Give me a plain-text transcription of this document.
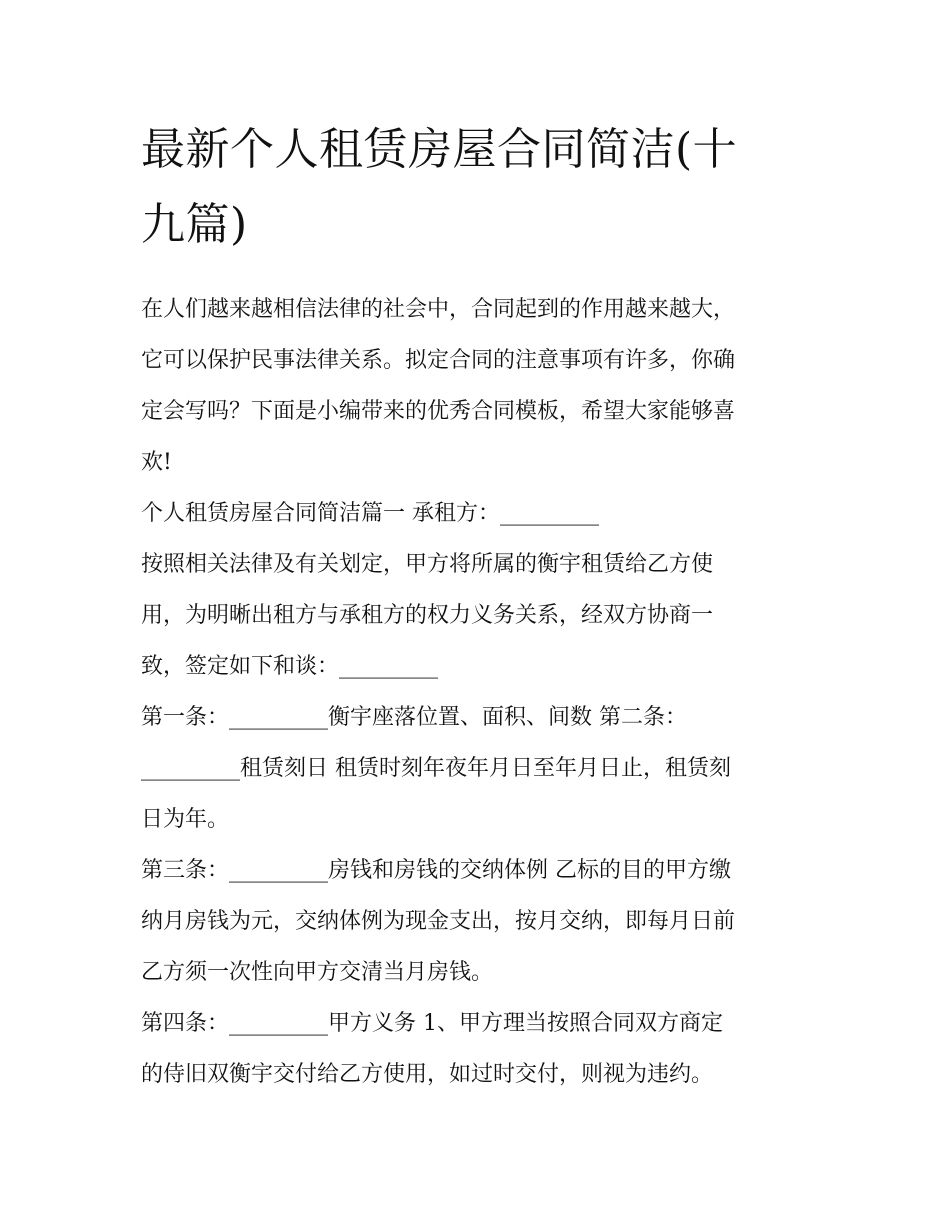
最新个人租赁房屋合同简洁(十
九篇)

在人们越来越相信法律的社会中，合同起到的作用越来越大，
它可以保护民事法律关系。拟定合同的注意事项有许多，你确
定会写吗？下面是小编带来的优秀合同模板，希望大家能够喜
欢!

个人租赁房屋合同简洁篇一 承租方：_________

按照相关法律及有关划定，甲方将所属的衡宇租赁给乙方使
用，为明晰出租方与承租方的权力义务关系，经双方协商一
致，签定如下和谈：_________

第一条：_________衡宇座落位置、面积、间数 第二条：
_________租赁刻日 租赁时刻年夜年月日至年月日止，租赁刻
日为年。

第三条：_________房钱和房钱的交纳体例 乙标的目的甲方缴
纳月房钱为元，交纳体例为现金支出，按月交纳，即每月日前
乙方须一次性向甲方交清当月房钱。

第四条：_________甲方义务 1、甲方理当按照合同双方商定
的侍旧双衡宇交付给乙方使用，如过时交付，则视为违约。
